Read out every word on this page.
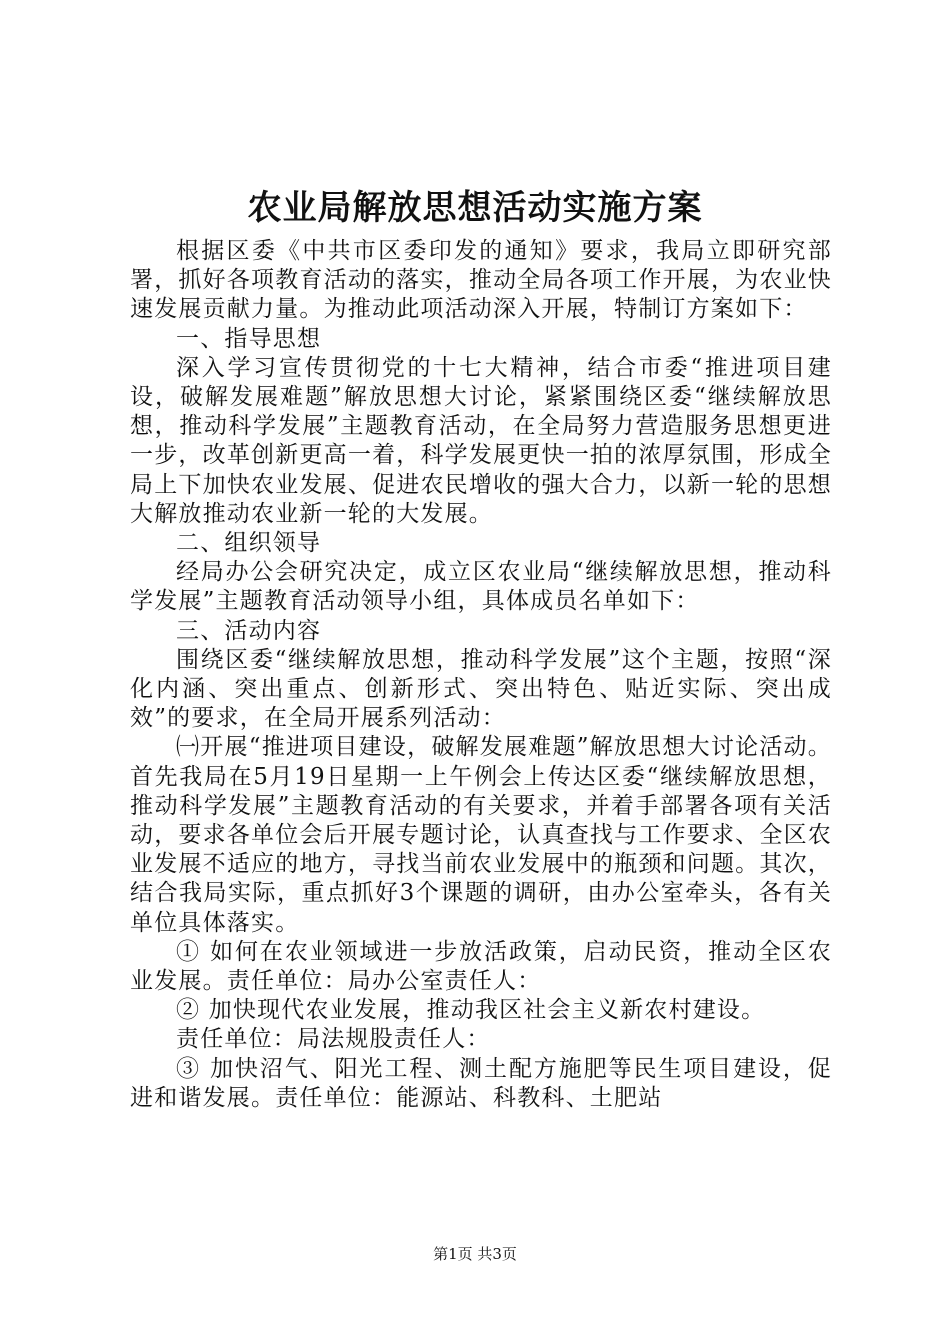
农业局解放思想活动实施方案

根据区委《中共市区委印发的通知》要求，我局立即研究部署，抓好各项教育活动的落实，推动全局各项工作开展，为农业快速发展贡献力量。为推动此项活动深入开展，特制订方案如下：

一、指导思想

深入学习宣传贯彻党的十七大精神，结合市委“推进项目建设，破解发展难题”解放思想大讨论，紧紧围绕区委“继续解放思想，推动科学发展”主题教育活动，在全局努力营造服务思想更进一步，改革创新更高一着，科学发展更快一拍的浓厚氛围，形成全局上下加快农业发展、促进农民增收的强大合力，以新一轮的思想大解放推动农业新一轮的大发展。

二、组织领导

经局办公会研究决定，成立区农业局“继续解放思想，推动科学发展”主题教育活动领导小组，具体成员名单如下：

三、活动内容

围绕区委“继续解放思想，推动科学发展”这个主题，按照“深化内涵、突出重点、创新形式、突出特色、贴近实际、突出成效”的要求，在全局开展系列活动：

㈠开展“推进项目建设，破解发展难题”解放思想大讨论活动。首先我局在5月19日星期一上午例会上传达区委“继续解放思想，推动科学发展”主题教育活动的有关要求，并着手部署各项有关活动，要求各单位会后开展专题讨论，认真查找与工作要求、全区农业发展不适应的地方，寻找当前农业发展中的瓶颈和问题。其次，结合我局实际，重点抓好3个课题的调研，由办公室牵头，各有关单位具体落实。

① 如何在农业领域进一步放活政策，启动民资，推动全区农业发展。责任单位：局办公室责任人：

② 加快现代农业发展，推动我区社会主义新农村建设。

责任单位：局法规股责任人：

③ 加快沼气、阳光工程、测土配方施肥等民生项目建设，促进和谐发展。责任单位：能源站、科教科、土肥站

第1页 共3页
